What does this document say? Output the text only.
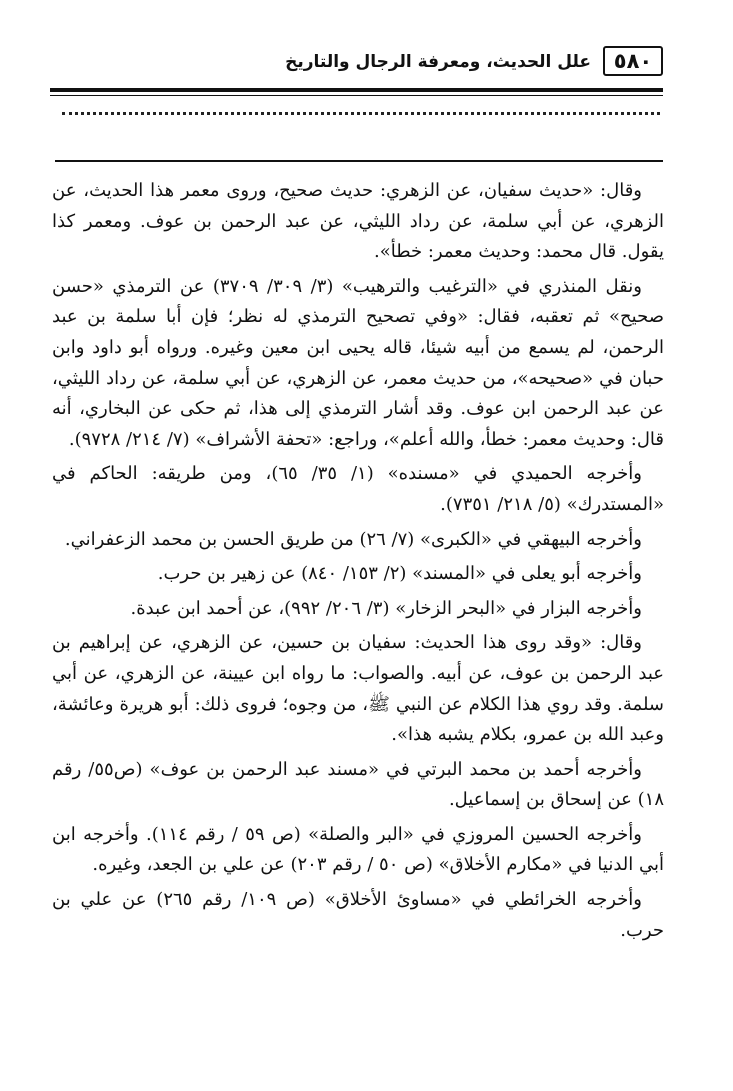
٥٨٠
علل الحديث، ومعرفة الرجال والتاريخ

وقال: «حديث سفيان، عن الزهري: حديث صحيح، وروى معمر هذا الحديث، عن الزهري، عن أبي سلمة، عن رداد الليثي، عن عبد الرحمن بن عوف. ومعمر كذا يقول. قال محمد: وحديث معمر: خطأ».

ونقل المنذري في «الترغيب والترهيب» (٣/ ٣٠٩/ ٣٧٠٩) عن الترمذي «حسن صحيح» ثم تعقبه، فقال: «وفي تصحيح الترمذي له نظر؛ فإن أبا سلمة بن عبد الرحمن، لم يسمع من أبيه شيئا، قاله يحيى ابن معين وغيره. ورواه أبو داود وابن حبان في «صحيحه»، من حديث معمر، عن الزهري، عن أبي سلمة، عن رداد الليثي، عن عبد الرحمن ابن عوف. وقد أشار الترمذي إلى هذا، ثم حكى عن البخاري، أنه قال: وحديث معمر: خطأ، والله أعلم»، وراجع: «تحفة الأشراف» (٧/ ٢١٤/ ٩٧٢٨).

وأخرجه الحميدي في «مسنده» (١/ ٣٥/ ٦٥)، ومن طريقه: الحاكم في «المستدرك» (٥/ ٢١٨/ ٧٣٥١).

وأخرجه البيهقي في «الكبرى» (٧/ ٢٦) من طريق الحسن بن محمد الزعفراني.

وأخرجه أبو يعلى في «المسند» (٢/ ١٥٣/ ٨٤٠) عن زهير بن حرب.

وأخرجه البزار في «البحر الزخار» (٣/ ٢٠٦/ ٩٩٢)، عن أحمد ابن عبدة.

وقال: «وقد روى هذا الحديث: سفيان بن حسين، عن الزهري، عن إبراهيم بن عبد الرحمن بن عوف، عن أبيه. والصواب: ما رواه ابن عيينة، عن الزهري، عن أبي سلمة. وقد روي هذا الكلام عن النبي ﷺ، من وجوه؛ فروى ذلك: أبو هريرة وعائشة، وعبد الله بن عمرو، بكلام يشبه هذا».

وأخرجه أحمد بن محمد البرتي في «مسند عبد الرحمن بن عوف» (ص٥٥/ رقم ١٨) عن إسحاق بن إسماعيل.

وأخرجه الحسين المروزي في «البر والصلة» (ص ٥٩ / رقم ١١٤). وأخرجه ابن أبي الدنيا في «مكارم الأخلاق» (ص ٥٠ / رقم ٢٠٣) عن علي بن الجعد، وغيره.

وأخرجه الخرائطي في «مساوئ الأخلاق» (ص ١٠٩/ رقم ٢٦٥) عن علي بن حرب.
